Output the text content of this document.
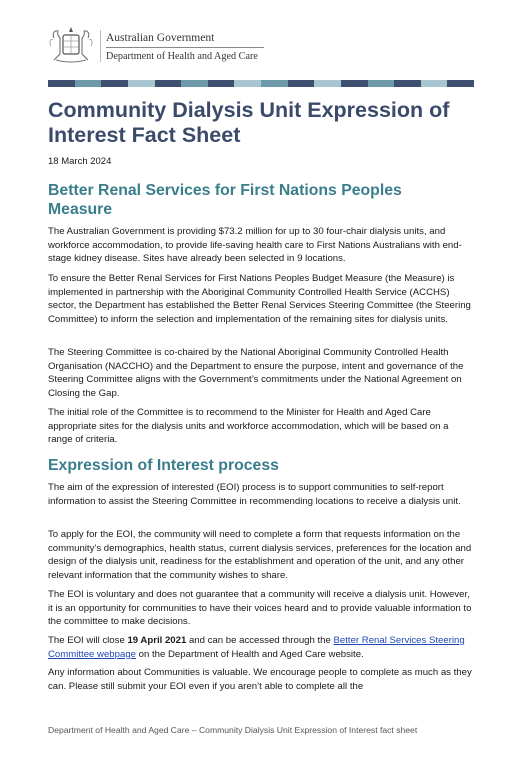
Australian Government
Department of Health and Aged Care
Community Dialysis Unit Expression of Interest Fact Sheet
18 March 2024
Better Renal Services for First Nations Peoples Measure

The Australian Government is providing $73.2 million for up to 30 four-chair dialysis units, and workforce accommodation, to provide life-saving health care to First Nations Australians with end-stage kidney disease. Sites have already been selected in 9 locations.

To ensure the Better Renal Services for First Nations Peoples Budget Measure (the Measure) is implemented in partnership with the Aboriginal Community Controlled Health Service (ACCHS) sector, the Department has established the Better Renal Services Steering Committee (the Steering Committee) to inform the selection and implementation of the remaining sites for dialysis units.

The Steering Committee is co-chaired by the National Aboriginal Community Controlled Health Organisation (NACCHO) and the Department to ensure the purpose, intent and governance of the Steering Committee aligns with the Government’s commitments under the National Agreement on Closing the Gap.

The initial role of the Committee is to recommend to the Minister for Health and Aged Care appropriate sites for the dialysis units and workforce accommodation, which will be based on a range of criteria.

Expression of Interest process

The aim of the expression of interested (EOI) process is to support communities to self-report information to assist the Steering Committee in recommending locations to receive a dialysis unit.

To apply for the EOI, the community will need to complete a form that requests information on the community’s demographics, health status, current dialysis services, preferences for the location and design of the dialysis unit, readiness for the establishment and operation of the unit, and any other relevant information that the community wishes to share.

The EOI is voluntary and does not guarantee that a community will receive a dialysis unit. However, it is an opportunity for communities to have their voices heard and to provide valuable information to the committee to make decisions.

The EOI will close 19 April 2021 and can be accessed through the Better Renal Services Steering Committee webpage on the Department of Health and Aged Care website.

Any information about Communities is valuable. We encourage people to complete as much as they can. Please still submit your EOI even if you aren’t able to complete all the

Department of Health and Aged Care – Community Dialysis Unit Expression of Interest fact sheet
